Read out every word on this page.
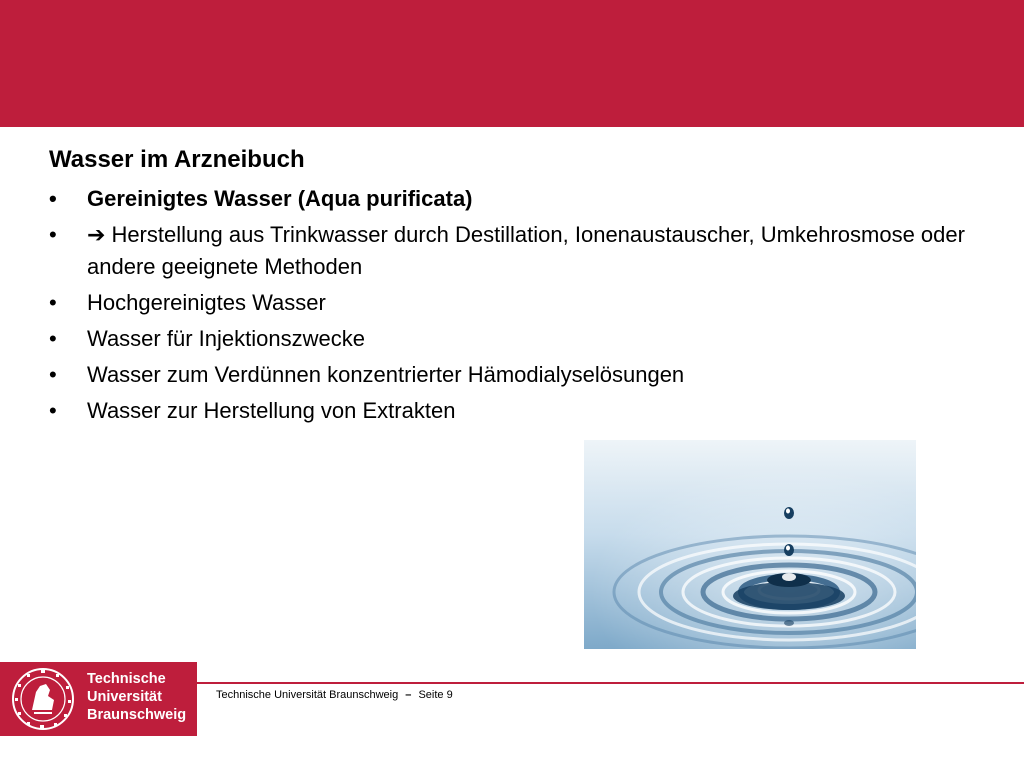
Wasser im Arzneibuch
• Gereinigtes Wasser (Aqua purificata)
• ➔ Herstellung aus Trinkwasser durch Destillation, Ionenaustauscher, Umkehrosmose oder andere geeignete Methoden
• Hochgereinigtes Wasser
• Wasser für Injektionszwecke
• Wasser zum Verdünnen konzentrierter Hämodialyselösungen
• Wasser zur Herstellung von Extrakten
Technische
Universität
Braunschweig
Technische Universität Braunschweig – Seite 9
